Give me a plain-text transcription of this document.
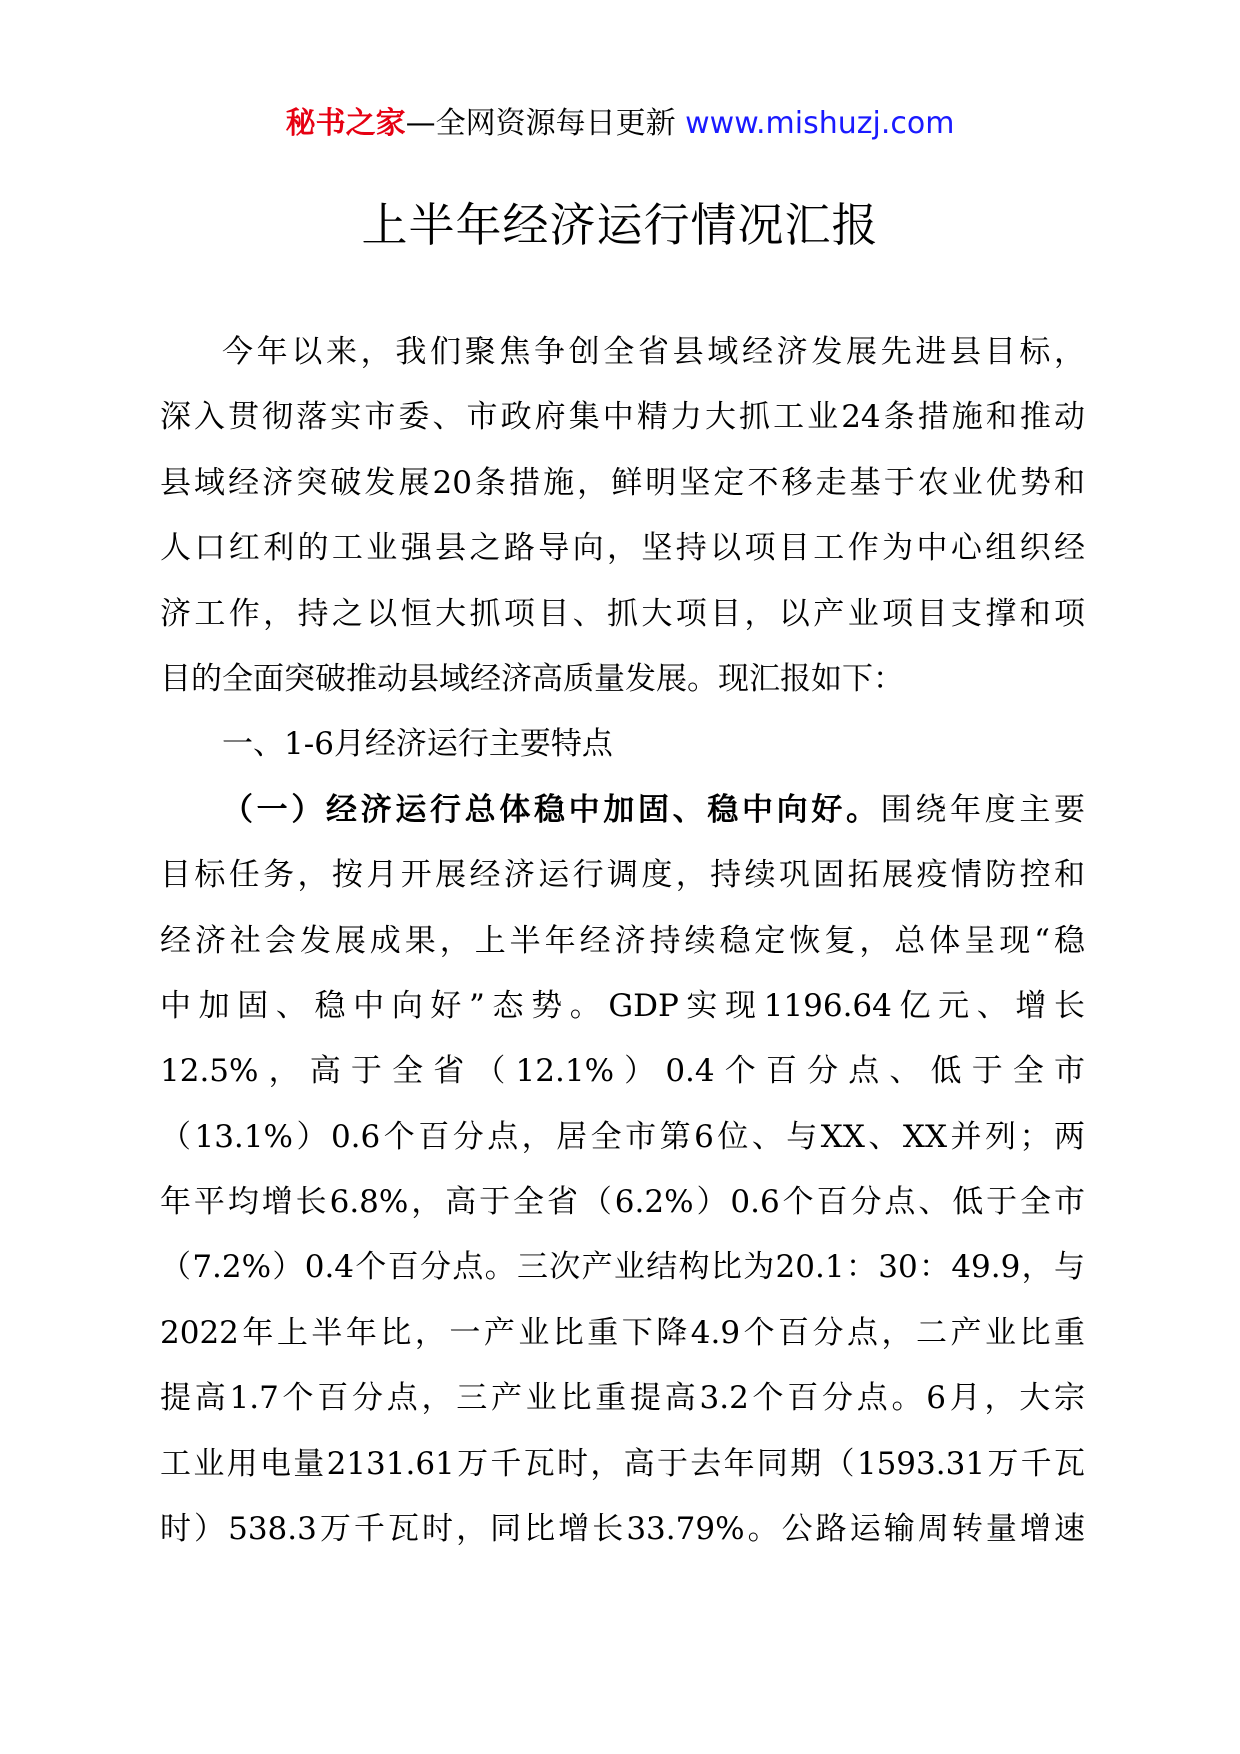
秘书之家—全网资源每日更新 www.mishuzj.com
上半年经济运行情况汇报
今年以来，我们聚焦争创全省县域经济发展先进县目标，
深入贯彻落实市委、市政府集中精力大抓工业24条措施和推动
县域经济突破发展20条措施，鲜明坚定不移走基于农业优势和
人口红利的工业强县之路导向，坚持以项目工作为中心组织经
济工作，持之以恒大抓项目、抓大项目，以产业项目支撑和项
目的全面突破推动县域经济高质量发展。现汇报如下：
一、1-6月经济运行主要特点
（一）经济运行总体稳中加固、稳中向好。围绕年度主要
目标任务，按月开展经济运行调度，持续巩固拓展疫情防控和
经济社会发展成果，上半年经济持续稳定恢复，总体呈现“稳
中加固、稳中向好”态势。GDP实现1196.64亿元、增长
12.5%，高于全省（12.1%）0.4个百分点、低于全市
（13.1%）0.6个百分点，居全市第6位、与XX、XX并列；两
年平均增长6.8%，高于全省（6.2%）0.6个百分点、低于全市
（7.2%）0.4个百分点。三次产业结构比为20.1：30：49.9，与
2022年上半年比，一产业比重下降4.9个百分点，二产业比重
提高1.7个百分点，三产业比重提高3.2个百分点。6月，大宗
工业用电量2131.61万千瓦时，高于去年同期（1593.31万千瓦
时）538.3万千瓦时，同比增长33.79%。公路运输周转量增速
